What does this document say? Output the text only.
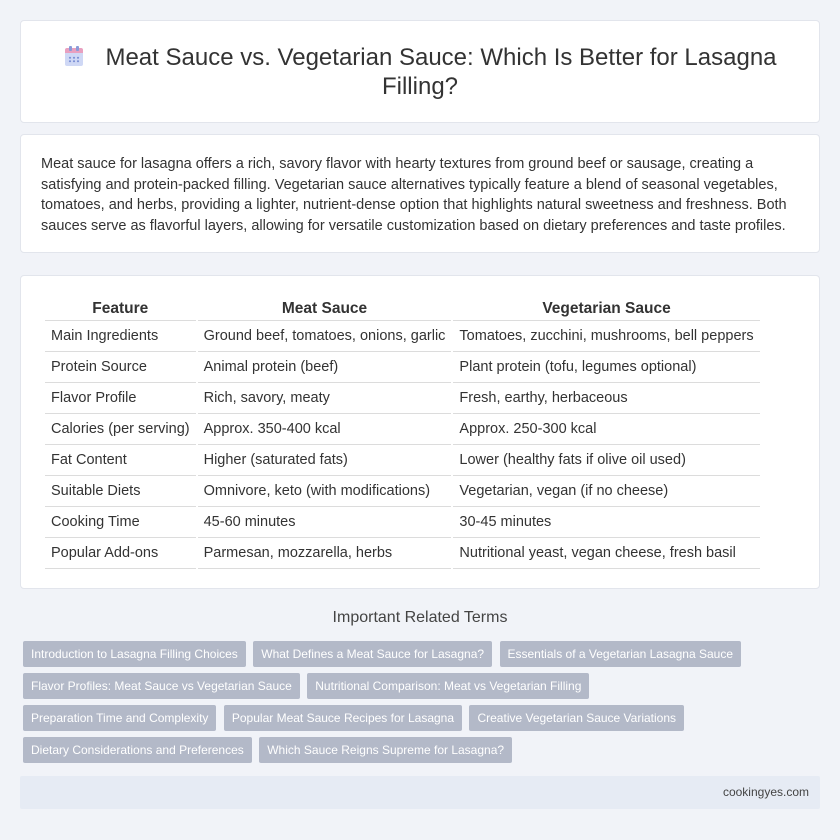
Meat Sauce vs. Vegetarian Sauce: Which Is Better for Lasagna Filling?

Meat sauce for lasagna offers a rich, savory flavor with hearty textures from ground beef or sausage, creating a satisfying and protein-packed filling. Vegetarian sauce alternatives typically feature a blend of seasonal vegetables, tomatoes, and herbs, providing a lighter, nutrient-dense option that highlights natural sweetness and freshness. Both sauces serve as flavorful layers, allowing for versatile customization based on dietary preferences and taste profiles.

Feature	Meat Sauce	Vegetarian Sauce
Main Ingredients	Ground beef, tomatoes, onions, garlic	Tomatoes, zucchini, mushrooms, bell peppers
Protein Source	Animal protein (beef)	Plant protein (tofu, legumes optional)
Flavor Profile	Rich, savory, meaty	Fresh, earthy, herbaceous
Calories (per serving)	Approx. 350-400 kcal	Approx. 250-300 kcal
Fat Content	Higher (saturated fats)	Lower (healthy fats if olive oil used)
Suitable Diets	Omnivore, keto (with modifications)	Vegetarian, vegan (if no cheese)
Cooking Time	45-60 minutes	30-45 minutes
Popular Add-ons	Parmesan, mozzarella, herbs	Nutritional yeast, vegan cheese, fresh basil
Important Related Terms
Introduction to Lasagna Filling Choices What Defines a Meat Sauce for Lasagna? Essentials of a Vegetarian Lasagna Sauce Flavor Profiles: Meat Sauce vs Vegetarian Sauce Nutritional Comparison: Meat vs Vegetarian Filling Preparation Time and Complexity Popular Meat Sauce Recipes for Lasagna Creative Vegetarian Sauce Variations Dietary Considerations and Preferences Which Sauce Reigns Supreme for Lasagna?
cookingyes.com
